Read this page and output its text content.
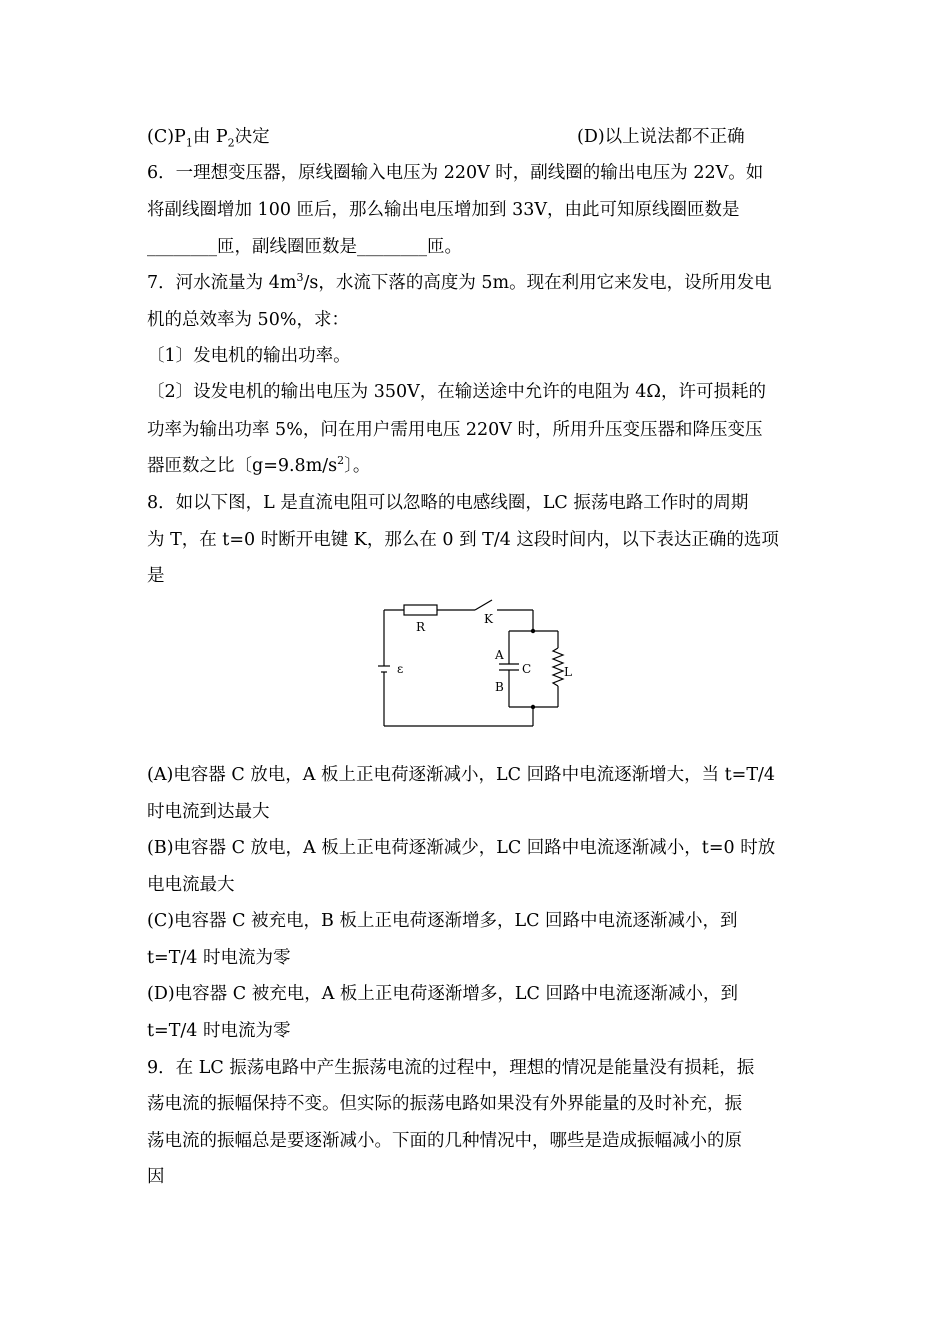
$(C)P_1$由 $P_2$决定	(D)以上说法都不正确
6．一理想变压器，原线圈输入电压为 220V 时，副线圈的输出电压为 22V。如
将副线圈增加 100 匝后，那么输出电压增加到 33V，由此可知原线圈匝数是
________匝，副线圈匝数是________匝。
7．河水流量为 $4m^3/s$，水流下落的高度为 5m。现在利用它来发电，设所用发电
机的总效率为 50%，求：
〔1〕发电机的输出功率。
〔2〕设发电机的输出电压为 350V，在输送途中允许的电阻为 4Ω，许可损耗的
功率为输出功率 5%，问在用户需用电压 220V 时，所用升压变压器和降压变压
器匝数之比〔$g=9.8m/s^2$〕。
8．如以下图，L 是直流电阻可以忽略的电感线圈，LC 振荡电路工作时的周期
为 T，在 t=0 时断开电键 K，那么在 0 到 T/4 这段时间内，以下表达正确的选项
是
R
K
ε
A
B
C	L
(A)电容器 C 放电，A 板上正电荷逐渐减小，LC 回路中电流逐渐增大，当 t=T/4
时电流到达最大
(B)电容器 C 放电，A 板上正电荷逐渐减少，LC 回路中电流逐渐减小，t=0 时放
电电流最大
(C)电容器 C 被充电，B 板上正电荷逐渐增多，LC 回路中电流逐渐减小，到
t=T/4 时电流为零
(D)电容器 C 被充电，A 板上正电荷逐渐增多，LC 回路中电流逐渐减小，到
t=T/4 时电流为零
9．在 LC 振荡电路中产生振荡电流的过程中，理想的情况是能量没有损耗，振
荡电流的振幅保持不变。但实际的振荡电路如果没有外界能量的及时补充，振
荡电流的振幅总是要逐渐减小。下面的几种情况中，哪些是造成振幅减小的原
因
